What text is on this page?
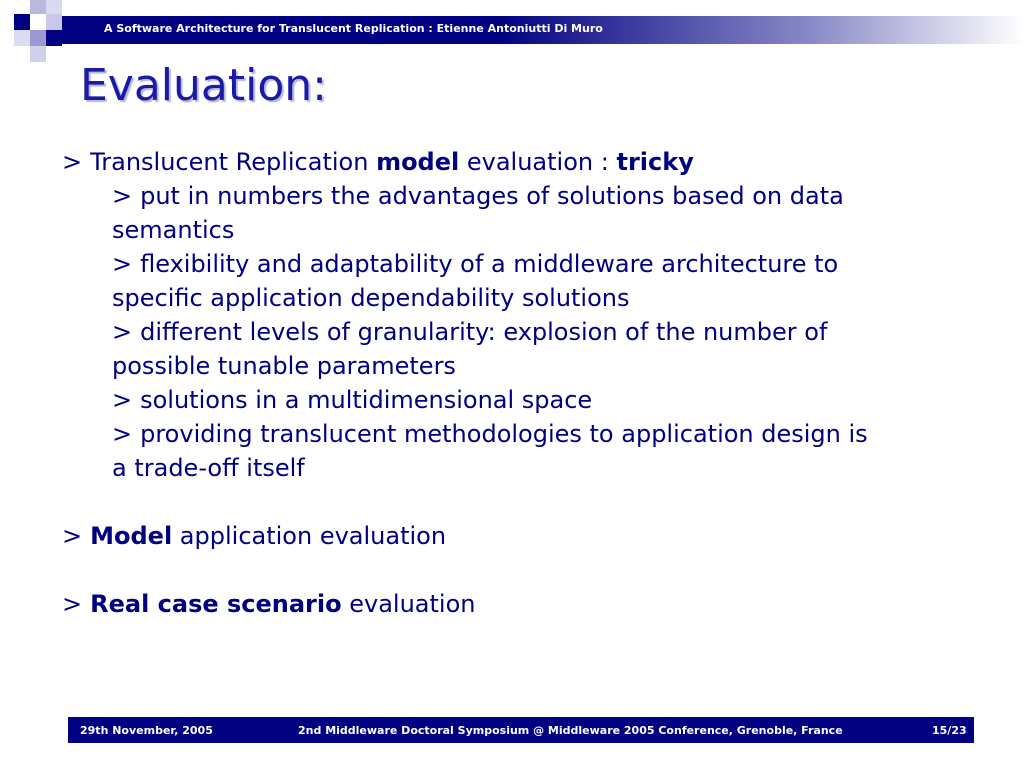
A Software Architecture for Translucent Replication : Etienne Antoniutti Di Muro
Evaluation:
> Translucent Replication model evaluation : tricky
> put in numbers the advantages of solutions based on data
semantics
> flexibility and adaptability of a middleware architecture to
specific application dependability solutions
> different levels of granularity: explosion of the number of
possible tunable parameters
> solutions in a multidimensional space
> providing translucent methodologies to application design is
a trade-off itself
> Model application evaluation
> Real case scenario evaluation
29th November, 2005	2nd Middleware Doctoral Symposium @ Middleware 2005 Conference, Grenoble, France	15/23
